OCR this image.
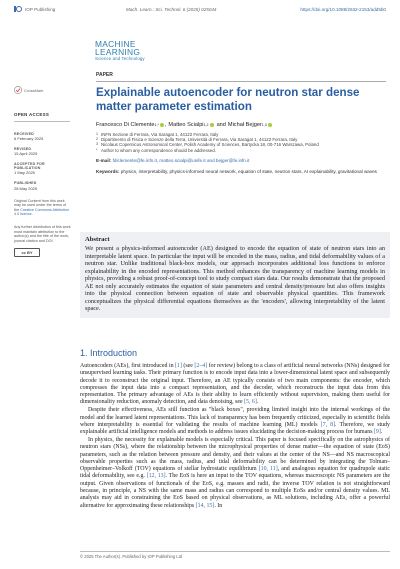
IOP Publishing	Mach. Learn.: Sci. Technol. 6 (2025) 025044	https://doi.org/10.1088/2632-2153/add5b0
MACHINE
LEARNING
Science and Technology
CrossMark
OPEN ACCESS
RECEIVED
6 February 2025
REVISED
15 April 2025
ACCEPTED FOR PUBLICATION
1 May 2025
PUBLISHED
28 May 2025
Original Content from this work may be used under the terms of the Creative Commons Attribution 4.0 licence.
Any further distribution of this work must maintain attribution to the author(s) and the title of the work, journal citation and DOI.
cc BY
PAPER
Explainable autoencoder for neutron star dense matter parameter estimation
Francesco Di Clemente 1,* , Matteo Scialpi 1,2 and Michał Bejger 1,3
1 INFN Sezione di Ferrara, Via Saragat 1, 44122 Ferrara, Italy
2 Dipartimento di Fisica e Scienze della Terra, Università di Ferrara, Via Saragat 1, 44122 Ferrara, Italy
3 Nicolaus Copernicus Astronomical Center, Polish Academy of Sciences, Bartycka 18, 00-716 Warszawa, Poland
* Author to whom any correspondence should be addressed.
E-mail: fdiclemente@fe.infn.it, matteo.scialpi@unife.it and bejger@fe.infn.it
Keywords: physics, interpretability, physics-informed neural network, equation of state, neutron stars, AI explainability, gravitational waves
Abstract

We present a physics-informed autoencoder (AE) designed to encode the equation of state of neutron stars into an interpretable latent space. In particular the input will be encoded in the mass, radius, and tidal deformability values of a neutron star. Unlike traditional black-box models, our approach incorporates additional loss functions to enforce explainability in the encoded representations. This method enhances the transparency of machine learning models in physics, providing a robust proof-of-concept tool to study compact stars data. Our results demonstrate that the proposed AE not only accurately estimates the equation of state parameters and central density/pressure but also offers insights into the physical connection between equation of state and observable physical quantities. This framework conceptualizes the physical differential equations themselves as the 'encoders', allowing interpretability of the latent space.

1. Introduction

Autoencoders (AEs), first introduced in [1] (see [2–4] for review) belong to a class of artificial neural networks (NNs) designed for unsupervised learning tasks. Their primary function is to encode input data into a lower-dimensional latent space and subsequently decode it to reconstruct the original input. Therefore, an AE typically consists of two main components: the encoder, which compresses the input data into a compact representation, and the decoder, which reconstructs the input data from this representation. The primary advantage of AEs is their ability to learn efficiently without supervision, making them useful for dimensionality reduction, anomaly detection, and data denoising, see [5, 6].

Despite their effectiveness, AEs still function as "black boxes", providing limited insight into the internal workings of the model and the learned latent representations. This lack of transparency has been frequently criticized, especially in scientific fields where interpretability is essential for validating the results of machine learning (ML) models [7, 8]. Therefore, we study explainable artificial intelligence models and methods to address issues elucidating the decision-making process for humans [9].

In physics, the necessity for explainable models is especially critical. This paper is focused specifically on the astrophysics of neutron stars (NSs), where the relationship between the microphysical properties of dense matter—the equation of state (EoS) parameters, such as the relation between pressure and density, and their values at the center of the NS—and NS macroscopical observable properties such as the mass, radius, and tidal deformability can be determined by integrating the Tolman–Oppenheimer–Volkoff (TOV) equations of stellar hydrostatic equilibrium [10, 11], and analogous equation for quadrupole static tidal deformability, see e.g. [12, 13]. The EoS is here an input to the TOV equations, whereas macroscopic NS parameters are the output. Given observations of functionals of the EoS, e.g. masses and radii, the inverse TOV relation is not straightforward because, in principle, a NS with the same mass and radius can correspond to multiple EoSs and/or central density values. ML analysis may aid in constraining the EoS based on physical observations, as ML solutions, including AEs, offer a powerful alternative for approximating these relationships [14, 15]. In

© 2025 The Author(s). Published by IOP Publishing Ltd
